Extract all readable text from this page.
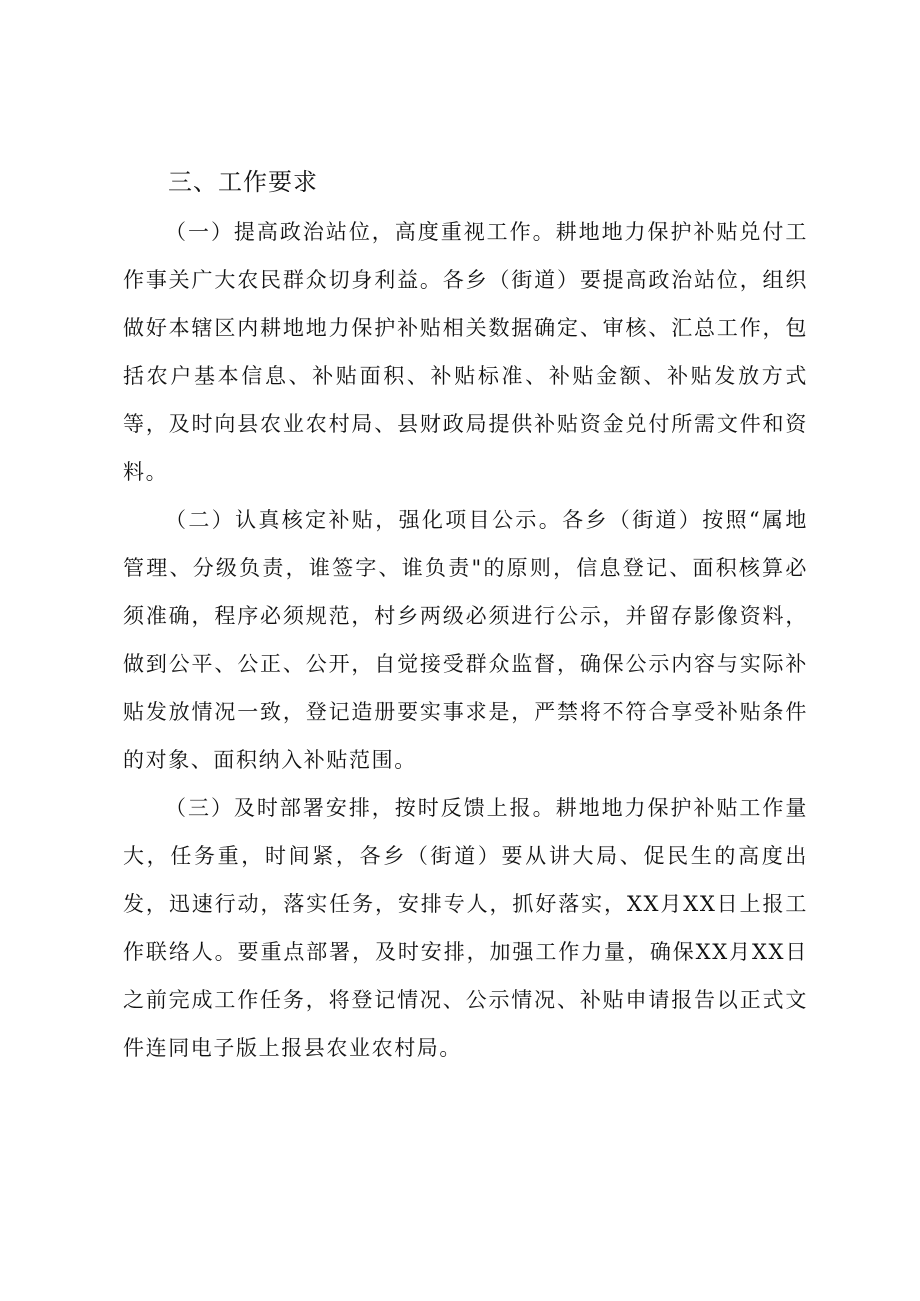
三、工作要求

（一）提高政治站位，高度重视工作。耕地地力保护补贴兑付工作事关广大农民群众切身利益。各乡（街道）要提高政治站位，组织做好本辖区内耕地地力保护补贴相关数据确定、审核、汇总工作，包括农户基本信息、补贴面积、补贴标准、补贴金额、补贴发放方式等，及时向县农业农村局、县财政局提供补贴资金兑付所需文件和资料。

（二）认真核定补贴，强化项目公示。各乡（街道）按照“属地管理、分级负责，谁签字、谁负责"的原则，信息登记、面积核算必须准确，程序必须规范，村乡两级必须进行公示，并留存影像资料，做到公平、公正、公开，自觉接受群众监督，确保公示内容与实际补贴发放情况一致，登记造册要实事求是，严禁将不符合享受补贴条件的对象、面积纳入补贴范围。

（三）及时部署安排，按时反馈上报。耕地地力保护补贴工作量大，任务重，时间紧，各乡（街道）要从讲大局、促民生的高度出发，迅速行动，落实任务，安排专人，抓好落实，XX月XX日上报工作联络人。要重点部署，及时安排，加强工作力量，确保XX月XX日之前完成工作任务，将登记情况、公示情况、补贴申请报告以正式文件连同电子版上报县农业农村局。
